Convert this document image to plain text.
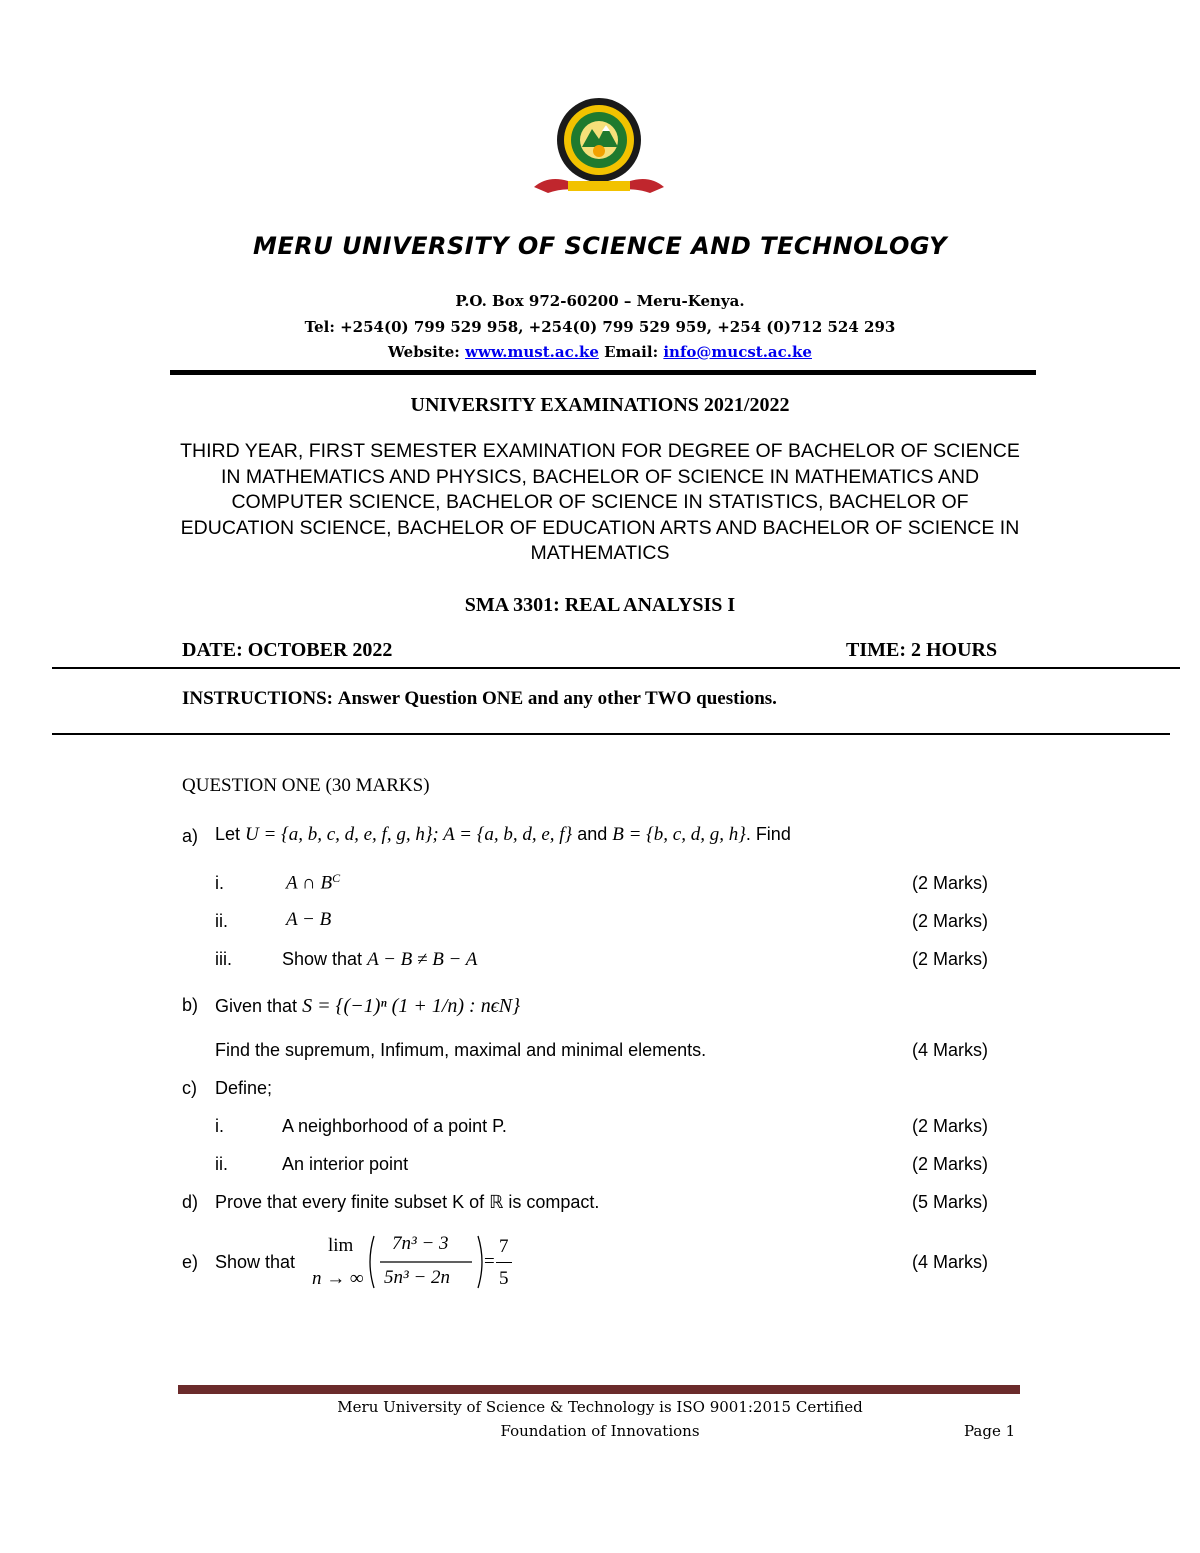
MERU UNIVERSITY OF SCIENCE AND TECHNOLOGY
P.O. Box 972-60200 – Meru-Kenya.
Tel: +254(0) 799 529 958, +254(0) 799 529 959, +254 (0)712 524 293
Website: www.must.ac.ke Email: info@mucst.ac.ke
UNIVERSITY EXAMINATIONS 2021/2022
THIRD YEAR, FIRST SEMESTER EXAMINATION FOR DEGREE OF BACHELOR OF SCIENCE IN MATHEMATICS AND PHYSICS, BACHELOR OF SCIENCE IN MATHEMATICS AND COMPUTER SCIENCE, BACHELOR OF SCIENCE IN STATISTICS, BACHELOR OF EDUCATION SCIENCE, BACHELOR OF EDUCATION ARTS AND BACHELOR OF SCIENCE IN MATHEMATICS
SMA 3301: REAL ANALYSIS I
DATE: OCTOBER 2022	TIME: 2 HOURS
INSTRUCTIONS: Answer Question ONE and any other TWO questions.
QUESTION ONE (30 MARKS)
a) Let U = {a, b, c, d, e, f, g, h}; A = {a, b, d, e, f} and B = {b, c, d, g, h}. Find
i.	A ∩ $B^C$	(2 Marks)
ii.	A − B	(2 Marks)
iii.	Show that A − B ≠ B − A	(2 Marks)
b) Given that S = {(−1)ⁿ (1 + 1/n) : nϵN}
Find the supremum, Infimum, maximal and minimal elements.	(4 Marks)
c) Define;
i.	A neighborhood of a point P.	(2 Marks)
ii.	An interior point	(2 Marks)
d) Prove that every finite subset K of ℝ is compact.	(5 Marks)
e) Show that
lim
n → ∞
7n³ − 3
5n³ − 2n
=
7
5
(4 Marks)
Meru University of Science & Technology is ISO 9001:2015 Certified
Foundation of Innovations	Page 1
